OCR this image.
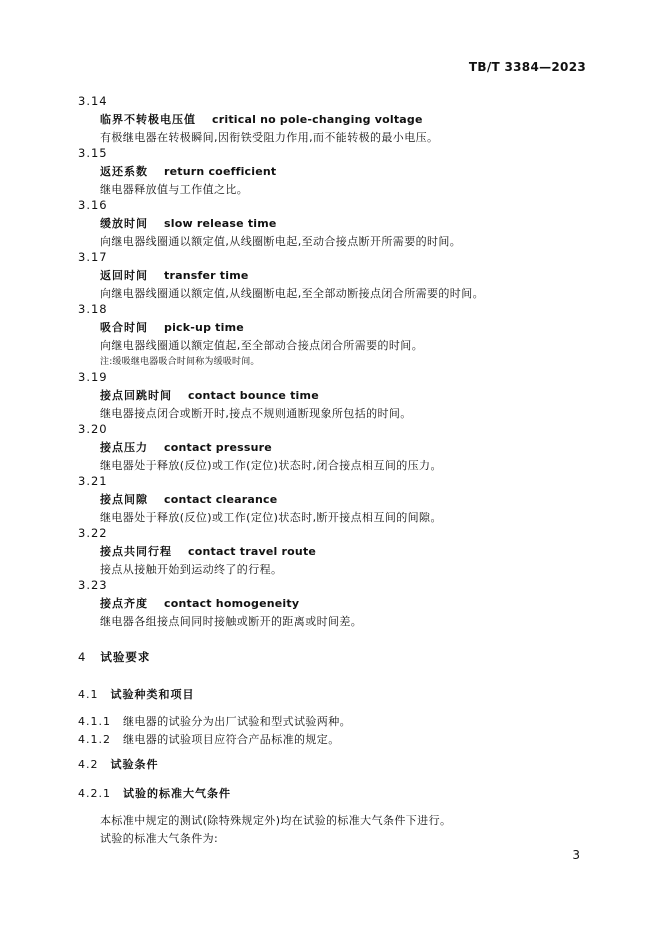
TB/T 3384—2023
3.14
临界不转极电压值 critical no pole-changing voltage
有极继电器在转极瞬间,因衔铁受阻力作用,而不能转极的最小电压。
3.15
返还系数 return coefficient
继电器释放值与工作值之比。
3.16
缓放时间 slow release time
向继电器线圈通以额定值,从线圈断电起,至动合接点断开所需要的时间。
3.17
返回时间 transfer time
向继电器线圈通以额定值,从线圈断电起,至全部动断接点闭合所需要的时间。
3.18
吸合时间 pick-up time
向继电器线圈通以额定值起,至全部动合接点闭合所需要的时间。
注:缓吸继电器吸合时间称为缓吸时间。
3.19
接点回跳时间 contact bounce time
继电器接点闭合或断开时,接点不规则通断现象所包括的时间。
3.20
接点压力 contact pressure
继电器处于释放(反位)或工作(定位)状态时,闭合接点相互间的压力。
3.21
接点间隙 contact clearance
继电器处于释放(反位)或工作(定位)状态时,断开接点相互间的间隙。
3.22
接点共同行程 contact travel route
接点从接触开始到运动终了的行程。
3.23
接点齐度 contact homogeneity
继电器各组接点间同时接触或断开的距离或时间差。
4 试验要求
4.1 试验种类和项目
4.1.1 继电器的试验分为出厂试验和型式试验两种。
4.1.2 继电器的试验项目应符合产品标准的规定。
4.2 试验条件
4.2.1 试验的标准大气条件
本标准中规定的测试(除特殊规定外)均在试验的标准大气条件下进行。
试验的标准大气条件为:
3
